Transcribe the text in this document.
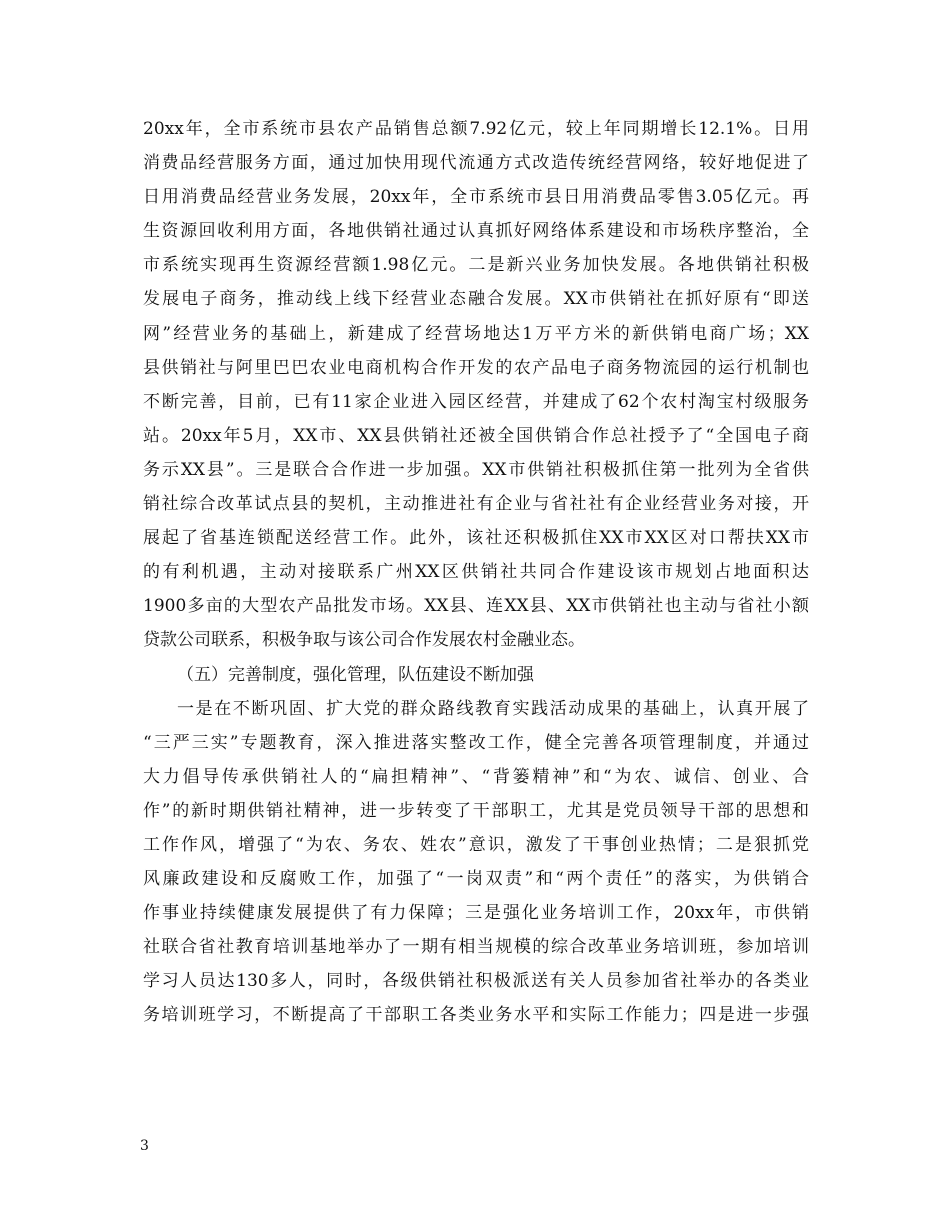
20xx年，全市系统市县农产品销售总额7.92亿元，较上年同期增长12.1%。日用
消费品经营服务方面，通过加快用现代流通方式改造传统经营网络，较好地促进了
日用消费品经营业务发展，20xx年，全市系统市县日用消费品零售3.05亿元。再
生资源回收利用方面，各地供销社通过认真抓好网络体系建设和市场秩序整治，全
市系统实现再生资源经营额1.98亿元。二是新兴业务加快发展。各地供销社积极
发展电子商务，推动线上线下经营业态融合发展。XX市供销社在抓好原有“即送
网”经营业务的基础上，新建成了经营场地达1万平方米的新供销电商广场；XX
县供销社与阿里巴巴农业电商机构合作开发的农产品电子商务物流园的运行机制也
不断完善，目前，已有11家企业进入园区经营，并建成了62个农村淘宝村级服务
站。20xx年5月，XX市、XX县供销社还被全国供销合作总社授予了“全国电子商
务示XX县”。三是联合合作进一步加强。XX市供销社积极抓住第一批列为全省供
销社综合改革试点县的契机，主动推进社有企业与省社社有企业经营业务对接，开
展起了省基连锁配送经营工作。此外，该社还积极抓住XX市XX区对口帮扶XX市
的有利机遇，主动对接联系广州XX区供销社共同合作建设该市规划占地面积达
1900多亩的大型农产品批发市场。XX县、连XX县、XX市供销社也主动与省社小额
贷款公司联系，积极争取与该公司合作发展农村金融业态。
（五）完善制度，强化管理，队伍建设不断加强
一是在不断巩固、扩大党的群众路线教育实践活动成果的基础上，认真开展了
“三严三实”专题教育，深入推进落实整改工作，健全完善各项管理制度，并通过
大力倡导传承供销社人的“扁担精神”、“背篓精神”和“为农、诚信、创业、合
作”的新时期供销社精神，进一步转变了干部职工，尤其是党员领导干部的思想和
工作作风，增强了“为农、务农、姓农”意识，激发了干事创业热情；二是狠抓党
风廉政建设和反腐败工作，加强了“一岗双责”和“两个责任”的落实，为供销合
作事业持续健康发展提供了有力保障；三是强化业务培训工作，20xx年，市供销
社联合省社教育培训基地举办了一期有相当规模的综合改革业务培训班，参加培训
学习人员达130多人，同时，各级供销社积极派送有关人员参加省社举办的各类业
务培训班学习，不断提高了干部职工各类业务水平和实际工作能力；四是进一步强
3
